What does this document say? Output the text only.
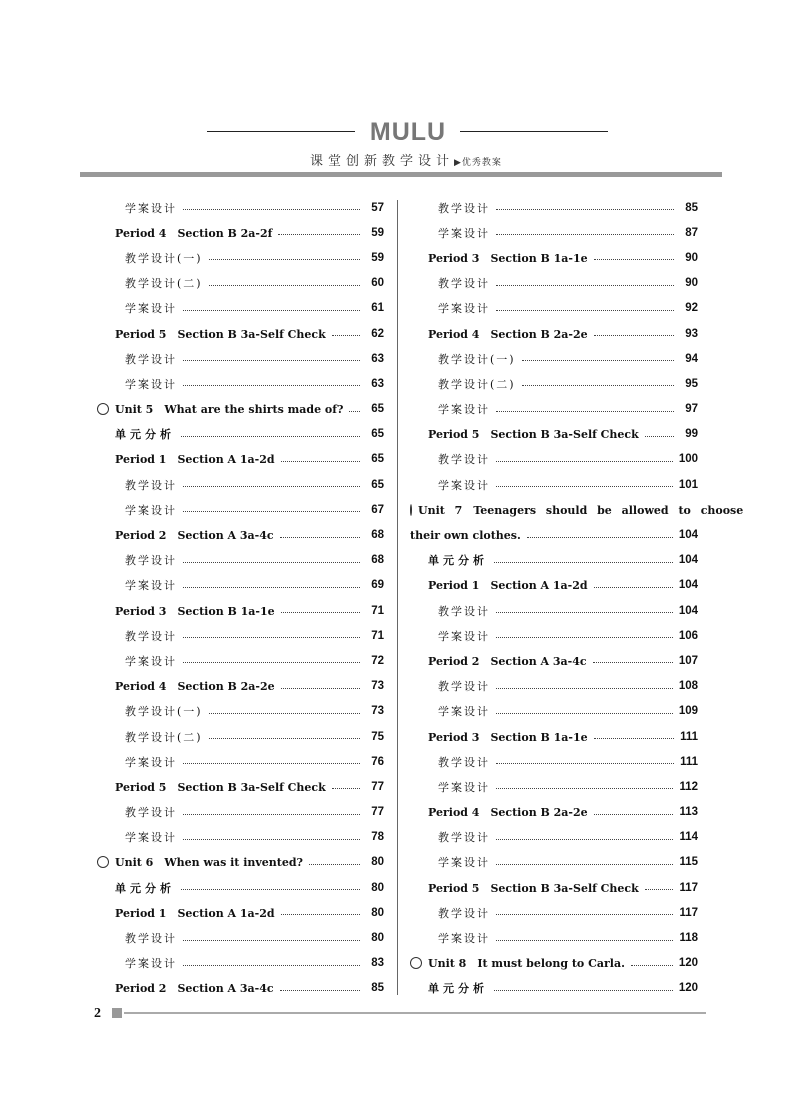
MULU
课堂创新教学设计▶优秀教案
学案设计	57
Period 4　Section B 2a-2f	59
教学设计(一)	59
教学设计(二)	60
学案设计	61
Period 5　Section B 3a-Self Check	62
教学设计	63
学案设计	63
Unit 5　What are the shirts made of?	65
单元分析	65
Period 1　Section A 1a-2d	65
教学设计	65
学案设计	67
Period 2　Section A 3a-4c	68
教学设计	68
学案设计	69
Period 3　Section B 1a-1e	71
教学设计	71
学案设计	72
Period 4　Section B 2a-2e	73
教学设计(一)	73
教学设计(二)	75
学案设计	76
Period 5　Section B 3a-Self Check	77
教学设计	77
学案设计	78
Unit 6　When was it invented?	80
单元分析	80
Period 1　Section A 1a-2d	80
教学设计	80
学案设计	83
Period 2　Section A 3a-4c	85
教学设计	85
学案设计	87
Period 3　Section B 1a-1e	90
教学设计	90
学案设计	92
Period 4　Section B 2a-2e	93
教学设计(一)	94
教学设计(二)	95
学案设计	97
Period 5　Section B 3a-Self Check	99
教学设计	100
学案设计	101
Unit 7　Teenagers should be allowed to choose
their own clothes.	104
单元分析	104
Period 1　Section A 1a-2d	104
教学设计	104
学案设计	106
Period 2　Section A 3a-4c	107
教学设计	108
学案设计	109
Period 3　Section B 1a-1e	111
教学设计	111
学案设计	112
Period 4　Section B 2a-2e	113
教学设计	114
学案设计	115
Period 5　Section B 3a-Self Check	117
教学设计	117
学案设计	118
Unit 8　It must belong to Carla.	120
单元分析	120
2
